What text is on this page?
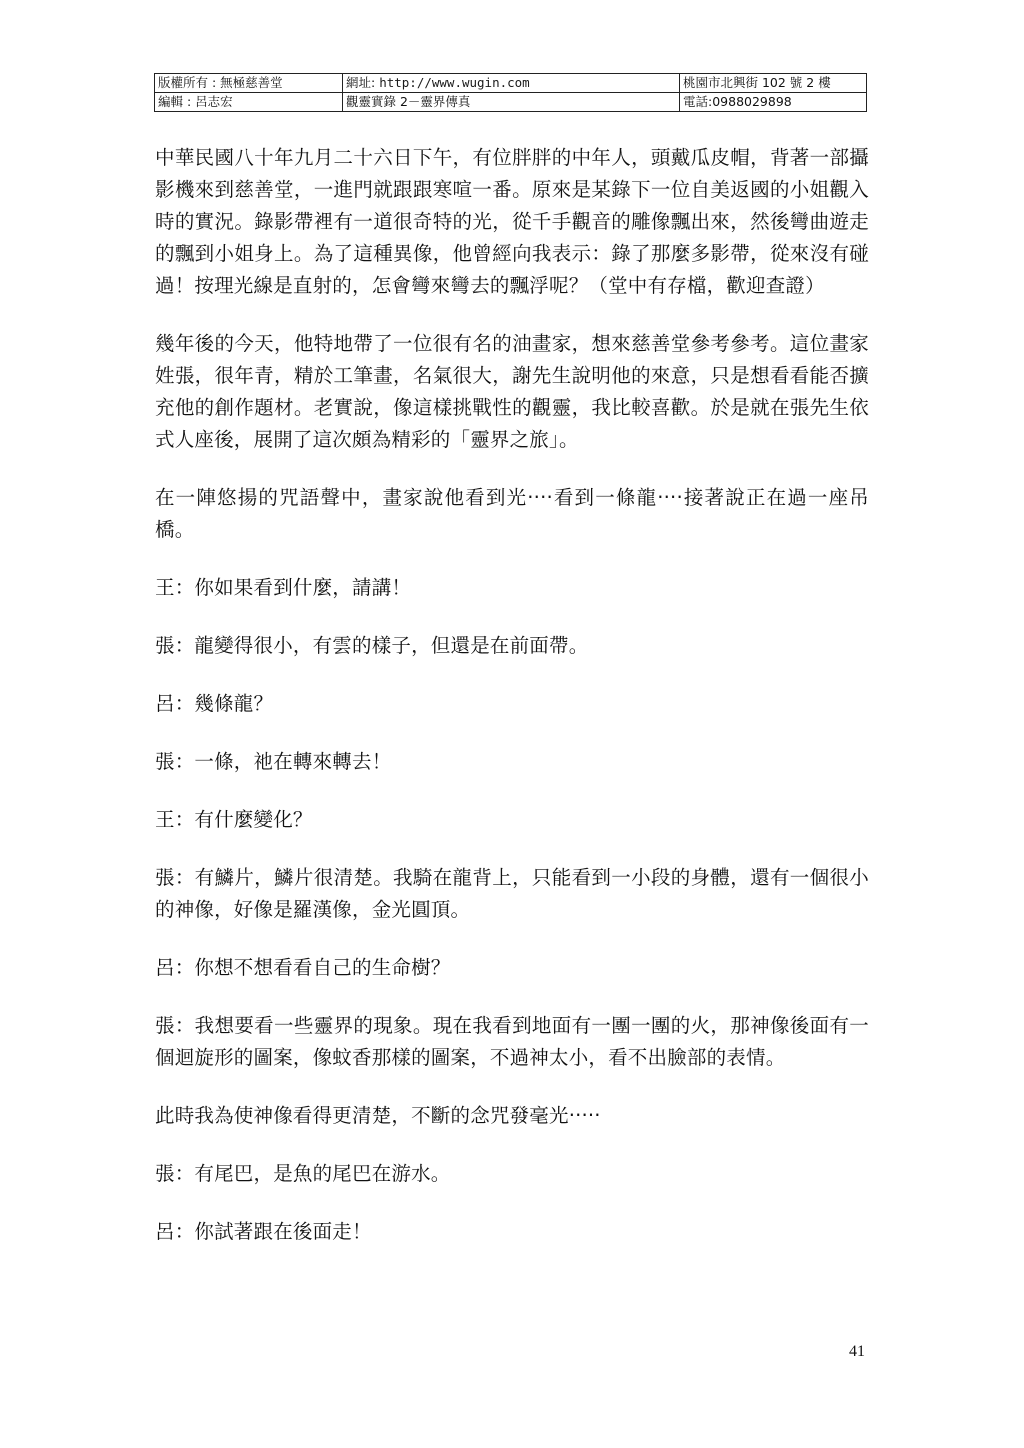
版權所有 : 無極慈善堂	網址: http://www.wugin.com	桃園市北興街 102 號 2 樓
編輯 : 呂志宏	觀靈實錄 2－靈界傳真	電話:0988029898

中華民國八十年九月二十六日下午，有位胖胖的中年人，頭戴瓜皮帽，背著一部攝影機來到慈善堂，一進門就跟跟寒喧一番。原來是某錄下一位自美返國的小姐觀入時的實況。錄影帶裡有一道很奇特的光，從千手觀音的雕像飄出來，然後彎曲遊走的飄到小姐身上。為了這種異像，他曾經向我表示：錄了那麼多影帶，從來沒有碰過！按理光線是直射的，怎會彎來彎去的飄浮呢？（堂中有存檔，歡迎查證）

幾年後的今天，他特地帶了一位很有名的油畫家，想來慈善堂參考參考。這位畫家姓張，很年青，精於工筆畫，名氣很大，謝先生說明他的來意，只是想看看能否擴充他的創作題材。老實說，像這樣挑戰性的觀靈，我比較喜歡。於是就在張先生依式人座後，展開了這次頗為精彩的「靈界之旅」。

在一陣悠揚的咒語聲中，畫家說他看到光‧‧‧‧看到一條龍‧‧‧‧接著說正在過一座吊橋。

王：你如果看到什麼，請講！

張：龍變得很小，有雲的樣子，但還是在前面帶。

呂：幾條龍？

張：一條，祂在轉來轉去！

王：有什麼變化？

張：有鱗片，鱗片很清楚。我騎在龍背上，只能看到一小段的身體，還有一個很小的神像，好像是羅漢像，金光圓頂。

呂：你想不想看看自己的生命樹？

張：我想要看一些靈界的現象。現在我看到地面有一團一團的火，那神像後面有一個迴旋形的圖案，像蚊香那樣的圖案，不過神太小，看不出臉部的表情。

此時我為使神像看得更清楚，不斷的念咒發毫光‧‧‧‧‧

張：有尾巴，是魚的尾巴在游水。

呂：你試著跟在後面走！

41
